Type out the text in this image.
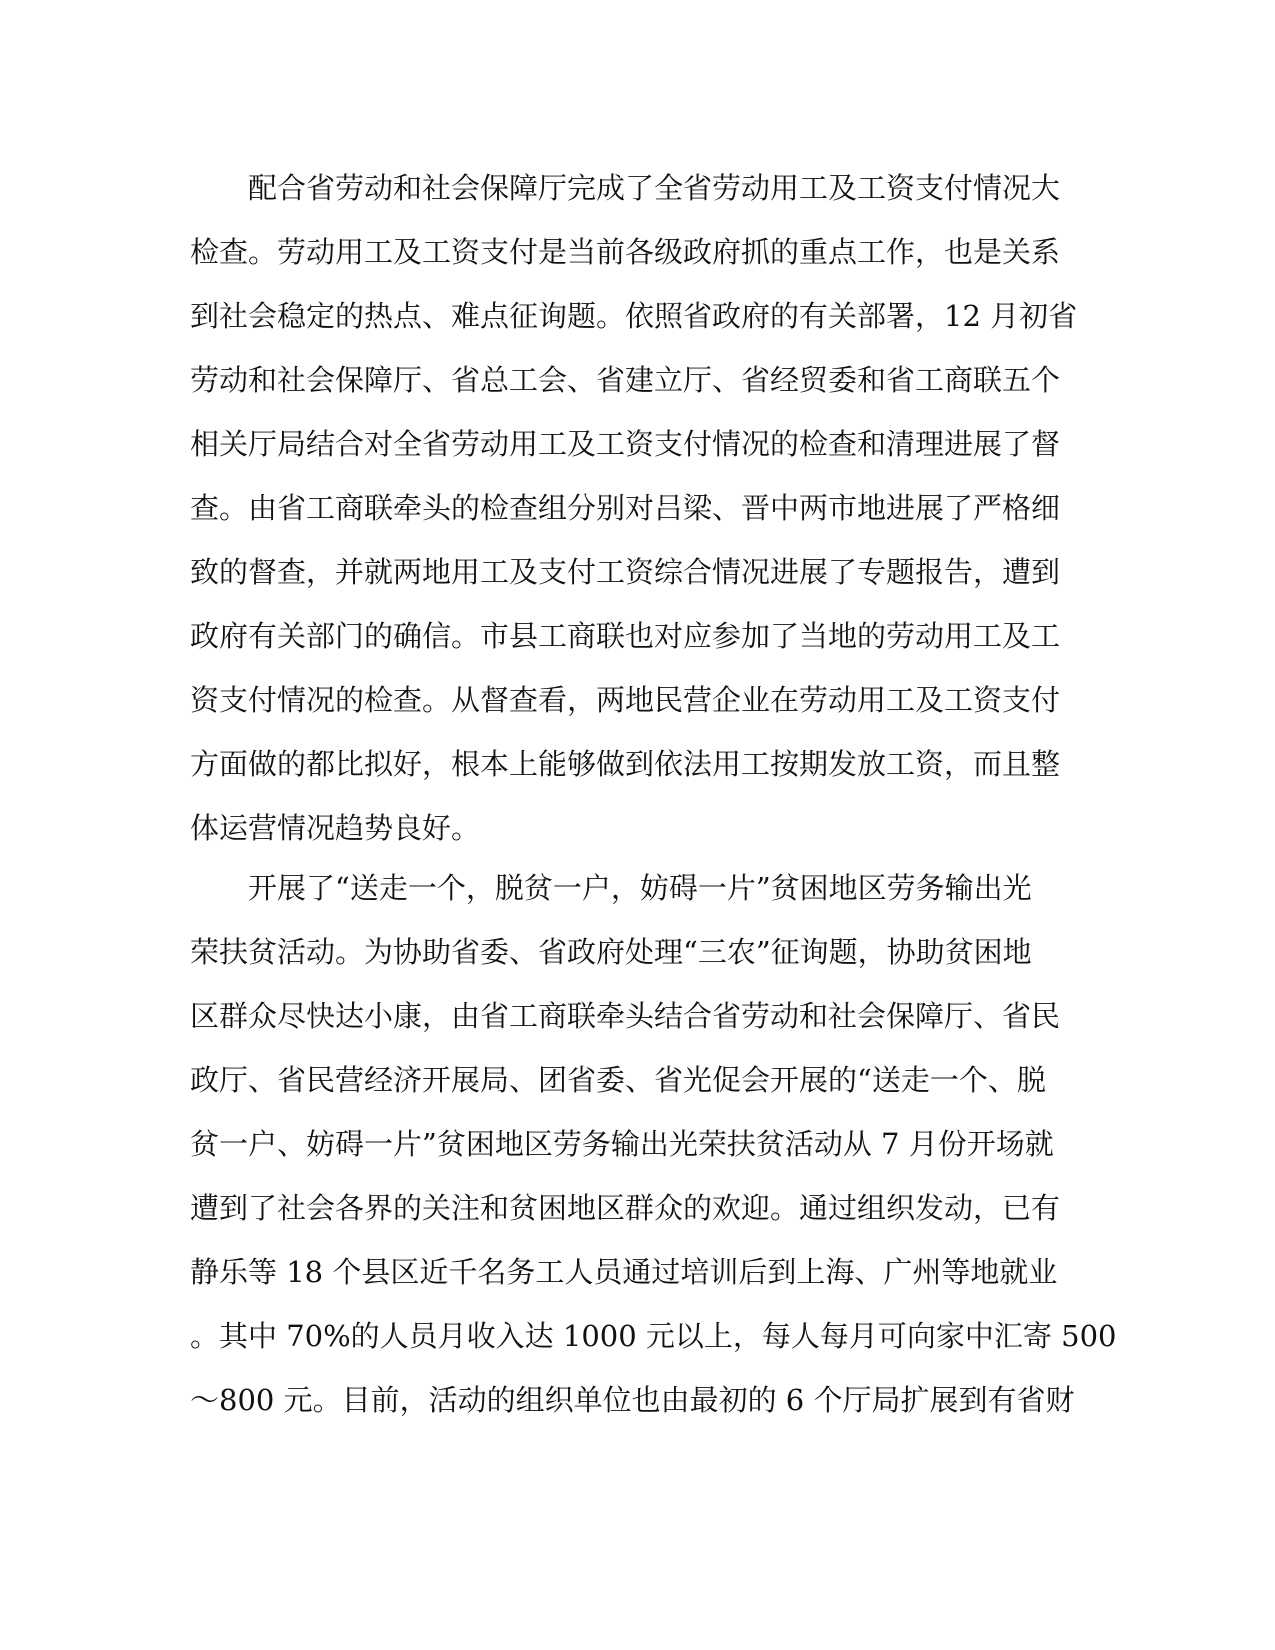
配合省劳动和社会保障厅完成了全省劳动用工及工资支付情况大
检查。劳动用工及工资支付是当前各级政府抓的重点工作，也是关系
到社会稳定的热点、难点征询题。依照省政府的有关部署，12 月初省
劳动和社会保障厅、省总工会、省建立厅、省经贸委和省工商联五个
相关厅局结合对全省劳动用工及工资支付情况的检查和清理进展了督
查。由省工商联牵头的检查组分别对吕梁、晋中两市地进展了严格细
致的督查，并就两地用工及支付工资综合情况进展了专题报告，遭到
政府有关部门的确信。市县工商联也对应参加了当地的劳动用工及工
资支付情况的检查。从督查看，两地民营企业在劳动用工及工资支付
方面做的都比拟好，根本上能够做到依法用工按期发放工资，而且整
体运营情况趋势良好。
开展了“送走一个，脱贫一户，妨碍一片”贫困地区劳务输出光
荣扶贫活动。为协助省委、省政府处理“三农”征询题，协助贫困地
区群众尽快达小康，由省工商联牵头结合省劳动和社会保障厅、省民
政厅、省民营经济开展局、团省委、省光促会开展的“送走一个、脱
贫一户、妨碍一片”贫困地区劳务输出光荣扶贫活动从 7 月份开场就
遭到了社会各界的关注和贫困地区群众的欢迎。通过组织发动，已有
静乐等 18 个县区近千名务工人员通过培训后到上海、广州等地就业
。其中 70%的人员月收入达 1000 元以上，每人每月可向家中汇寄 500
～800 元。目前，活动的组织单位也由最初的 6 个厅局扩展到有省财
